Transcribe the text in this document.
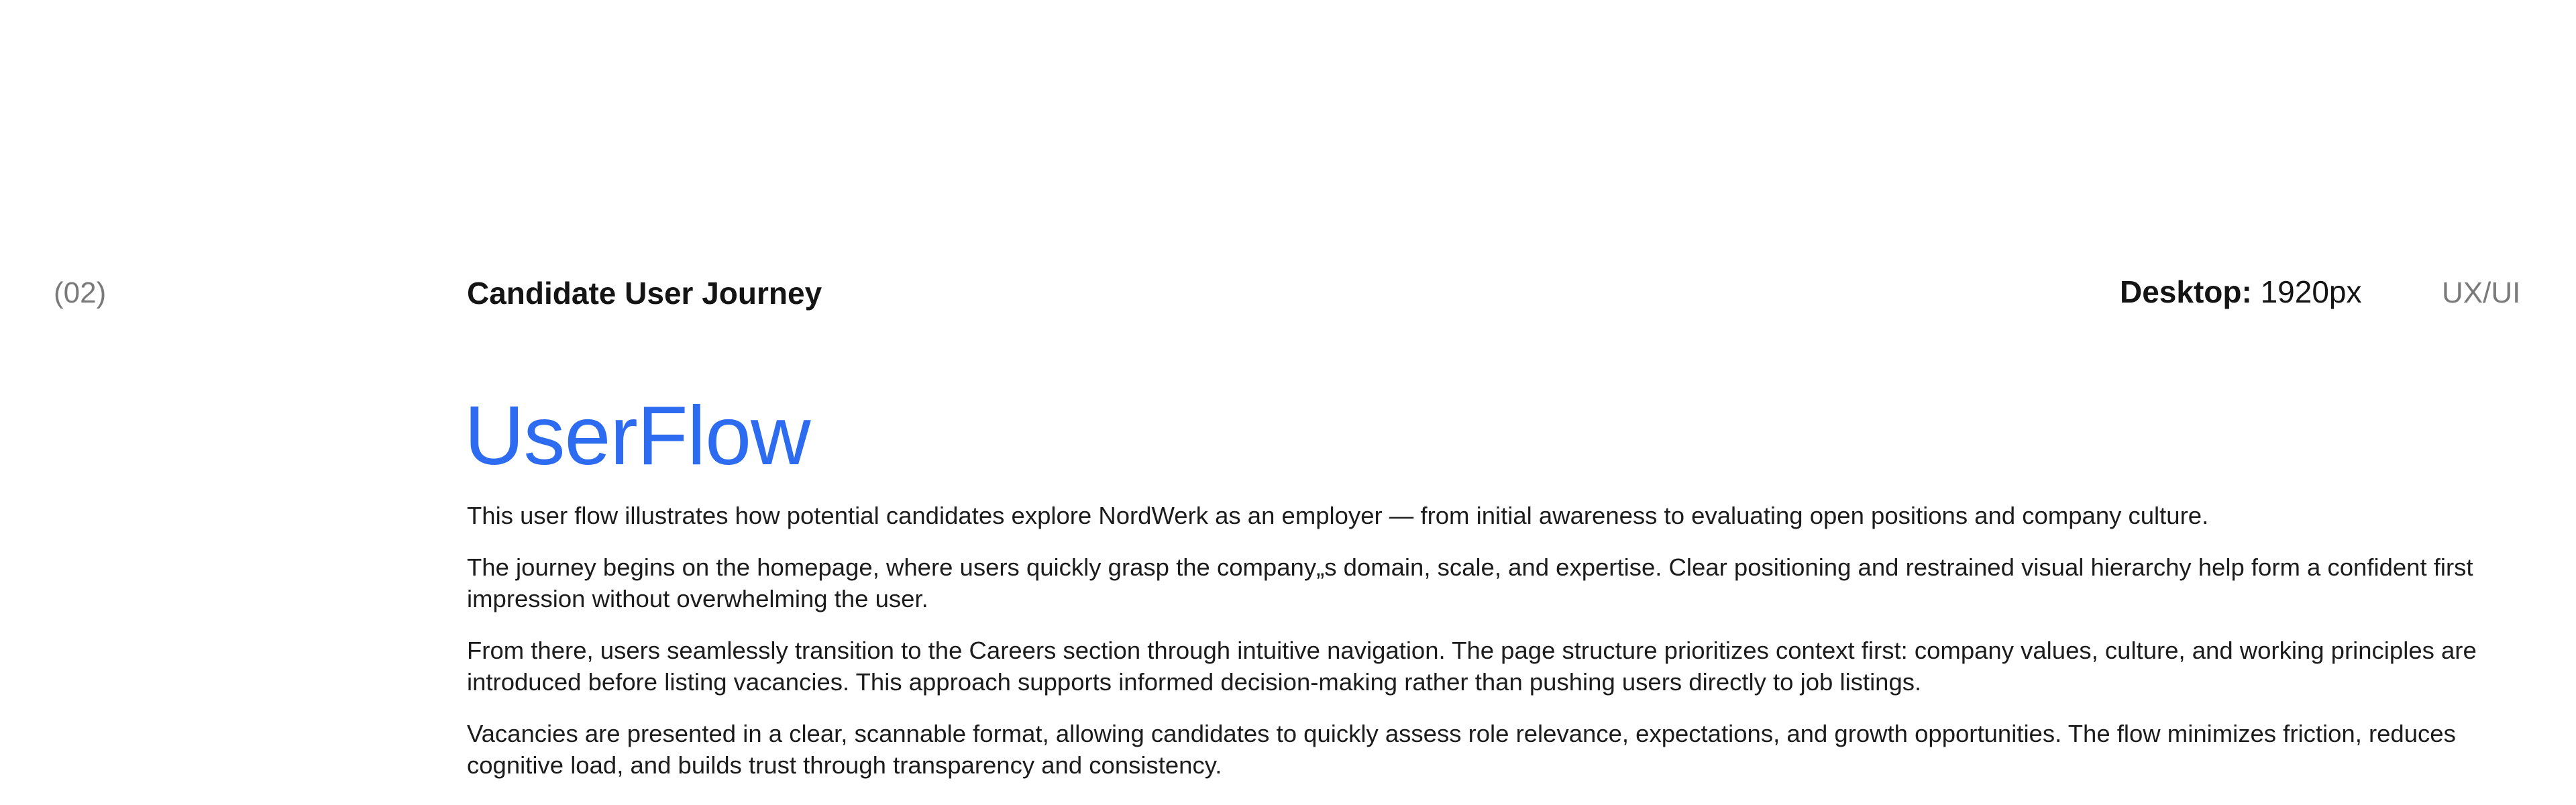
(02)	Candidate User Journey	Desktop: 1920px	UX/UI
UserFlow

This user flow illustrates how potential candidates explore NordWerk as an employer — from initial awareness to evaluating open positions and company culture.

The journey begins on the homepage, where users quickly grasp the company„s domain, scale, and expertise. Clear positioning and restrained visual hierarchy help form a confident first impression without overwhelming the user.

From there, users seamlessly transition to the Careers section through intuitive navigation. The page structure prioritizes context first: company values, culture, and working principles are introduced before listing vacancies. This approach supports informed decision-making rather than pushing users directly to job listings.

Vacancies are presented in a clear, scannable format, allowing candidates to quickly assess role relevance, expectations, and growth opportunities. The flow minimizes friction, reduces cognitive load, and builds trust through transparency and consistency.
